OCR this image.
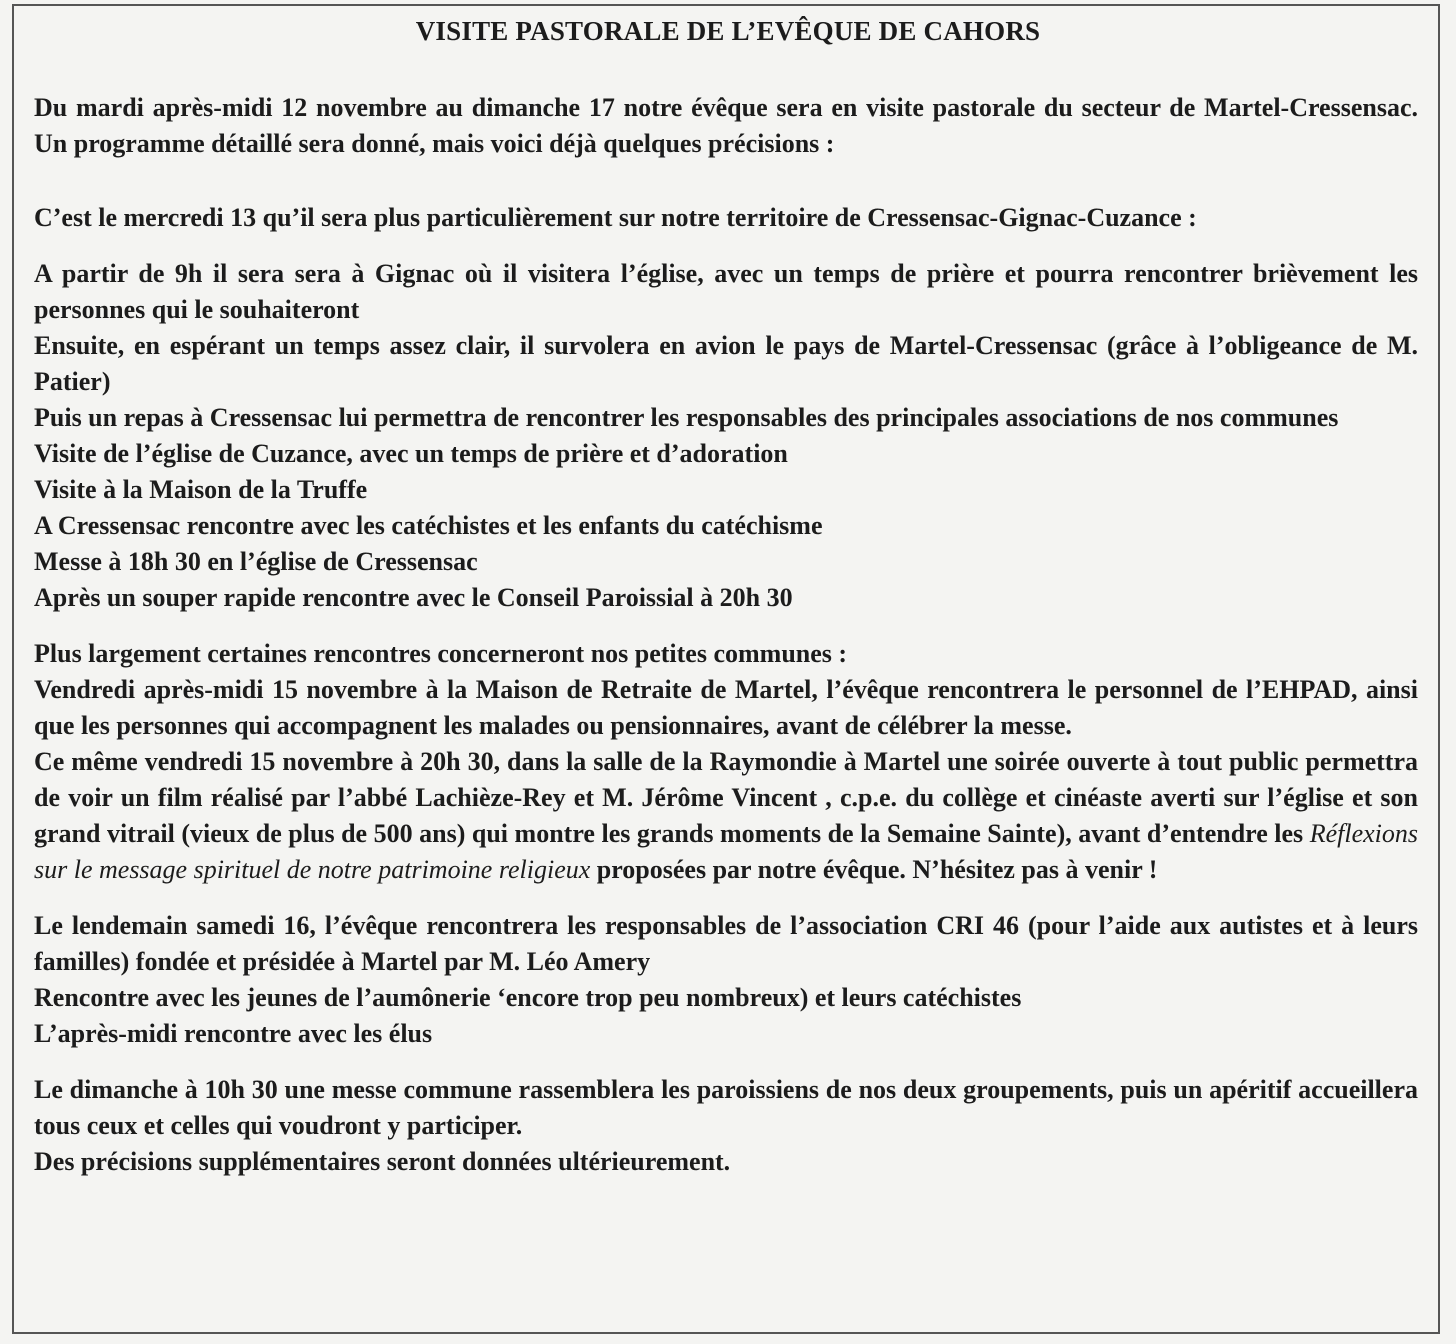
VISITE PASTORALE DE L’EVÊQUE DE CAHORS

Du mardi après-midi 12 novembre au dimanche 17 notre évêque sera en visite pastorale du secteur de Martel-Cressensac. Un programme détaillé sera donné, mais voici déjà quelques précisions :

C’est le mercredi 13 qu’il sera plus particulièrement sur notre territoire de Cressensac-Gignac-Cuzance :

A partir de 9h il sera sera à Gignac où il visitera l’église, avec un temps de prière et pourra rencontrer brièvement les personnes qui le souhaiteront

Ensuite, en espérant un temps assez clair, il survolera en avion le pays de Martel-Cressensac (grâce à l’obligeance de M. Patier)

Puis un repas à Cressensac lui permettra de rencontrer les responsables des principales associations de nos communes

Visite de l’église de Cuzance, avec un temps de prière et d’adoration

Visite à la Maison de la Truffe

A Cressensac rencontre avec les catéchistes et les enfants du catéchisme

Messe à 18h 30 en l’église de Cressensac

Après un souper rapide rencontre avec le Conseil Paroissial à 20h 30

Plus largement certaines rencontres concerneront nos petites communes :

Vendredi après-midi 15 novembre à la Maison de Retraite de Martel, l’évêque rencontrera le personnel de l’EHPAD, ainsi que les personnes qui accompagnent les malades ou pensionnaires, avant de célébrer la messe.

Ce même vendredi 15 novembre à 20h 30, dans la salle de la Raymondie à Martel une soirée ouverte à tout public permettra de voir un film réalisé par l’abbé Lachièze-Rey et M. Jérôme Vincent , c.p.e. du collège et cinéaste averti sur l’église et son grand vitrail (vieux de plus de 500 ans) qui montre les grands moments de la Semaine Sainte), avant d’entendre les Réflexions sur le message spirituel de notre patrimoine religieux proposées par notre évêque. N’hésitez pas à venir !

Le lendemain samedi 16, l’évêque rencontrera les responsables de l’association CRI 46 (pour l’aide aux autistes et à leurs familles) fondée et présidée à Martel par M. Léo Amery

Rencontre avec les jeunes de l’aumônerie ‘encore trop peu nombreux) et leurs catéchistes

L’après-midi rencontre avec les élus

Le dimanche à 10h 30 une messe commune rassemblera les paroissiens de nos deux groupements, puis un apéritif accueillera tous ceux et celles qui voudront y participer.

Des précisions supplémentaires seront données ultérieurement.
